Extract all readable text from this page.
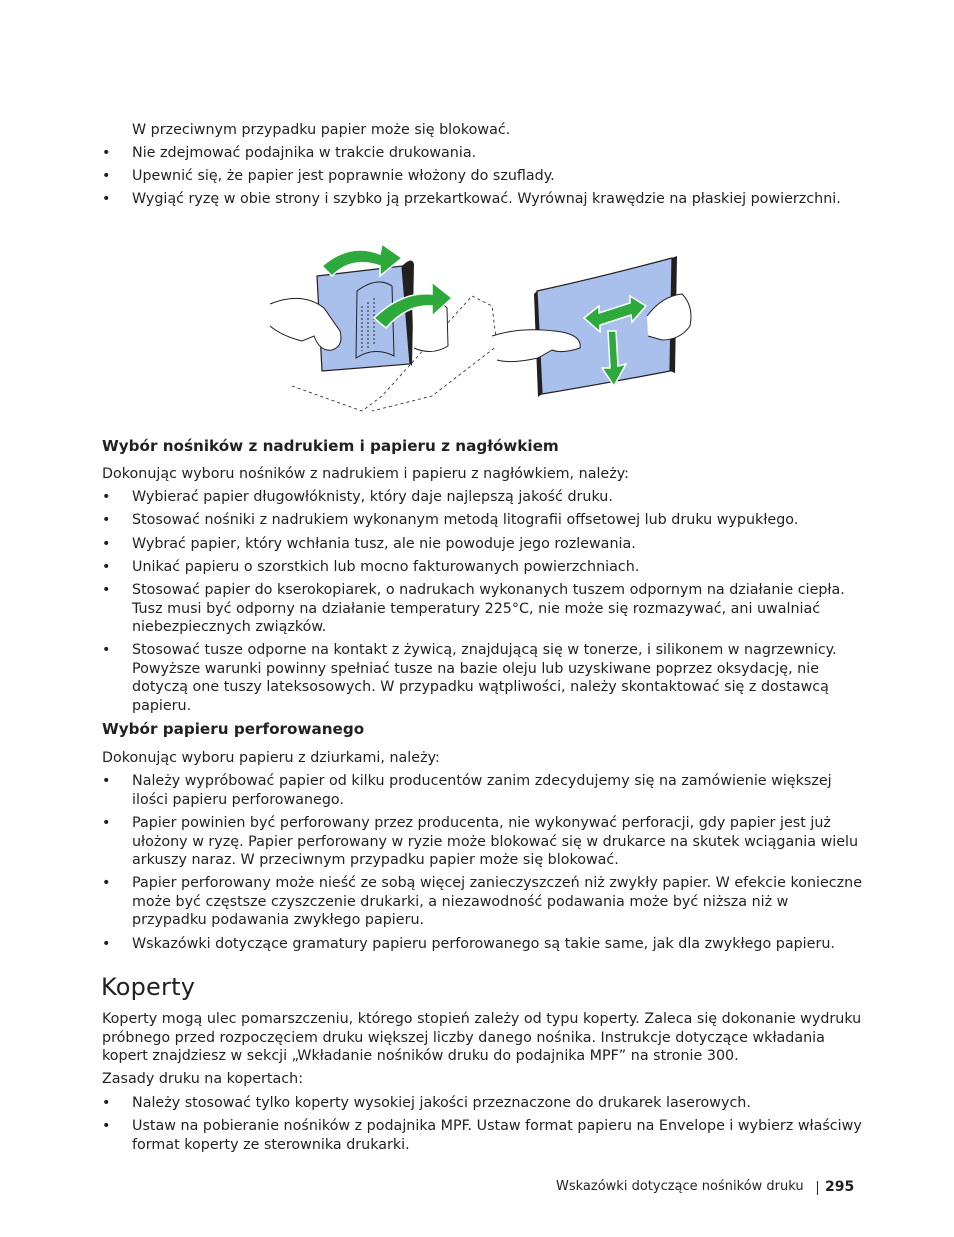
W przeciwnym przypadku papier może się blokować.
• Nie zdejmować podajnika w trakcie drukowania.
• Upewnić się, że papier jest poprawnie włożony do szuflady.
• Wygiąć ryzę w obie strony i szybko ją przekartkować. Wyrównaj krawędzie na płaskiej powierzchni.
Wybór nośników z nadrukiem i papieru z nagłówkiem
Dokonując wyboru nośników z nadrukiem i papieru z nagłówkiem, należy:
• Wybierać papier długowłóknisty, który daje najlepszą jakość druku.
• Stosować nośniki z nadrukiem wykonanym metodą litografii offsetowej lub druku wypukłego.
• Wybrać papier, który wchłania tusz, ale nie powoduje jego rozlewania.
• Unikać papieru o szorstkich lub mocno fakturowanych powierzchniach.
• Stosować papier do kserokopiarek, o nadrukach wykonanych tuszem odpornym na działanie ciepła. Tusz musi być odporny na działanie temperatury 225°C, nie może się rozmazywać, ani uwalniać niebezpiecznych związków.
• Stosować tusze odporne na kontakt z żywicą, znajdującą się w tonerze, i silikonem w nagrzewnicy. Powyższe warunki powinny spełniać tusze na bazie oleju lub uzyskiwane poprzez oksydację, nie dotyczą one tuszy lateksosowych. W przypadku wątpliwości, należy skontaktować się z dostawcą papieru.
Wybór papieru perforowanego
Dokonując wyboru papieru z dziurkami, należy:
• Należy wypróbować papier od kilku producentów zanim zdecydujemy się na zamówienie większej ilości papieru perforowanego.
• Papier powinien być perforowany przez producenta, nie wykonywać perforacji, gdy papier jest już ułożony w ryzę. Papier perforowany w ryzie może blokować się w drukarce na skutek wciągania wielu arkuszy naraz. W przeciwnym przypadku papier może się blokować.
• Papier perforowany może nieść ze sobą więcej zanieczyszczeń niż zwykły papier. W efekcie konieczne może być częstsze czyszczenie drukarki, a niezawodność podawania może być niższa niż w przypadku podawania zwykłego papieru.
• Wskazówki dotyczące gramatury papieru perforowanego są takie same, jak dla zwykłego papieru.
Koperty
Koperty mogą ulec pomarszczeniu, którego stopień zależy od typu koperty. Zaleca się dokonanie wydruku próbnego przed rozpoczęciem druku większej liczby danego nośnika. Instrukcje dotyczące wkładania kopert znajdziesz w sekcji „Wkładanie nośników druku do podajnika MPF” na stronie 300.
Zasady druku na kopertach:
• Należy stosować tylko koperty wysokiej jakości przeznaczone do drukarek laserowych.
• Ustaw na pobieranie nośników z podajnika MPF. Ustaw format papieru na Envelope i wybierz właściwy format koperty ze sterownika drukarki.
Wskazówki dotyczące nośników druku 295
